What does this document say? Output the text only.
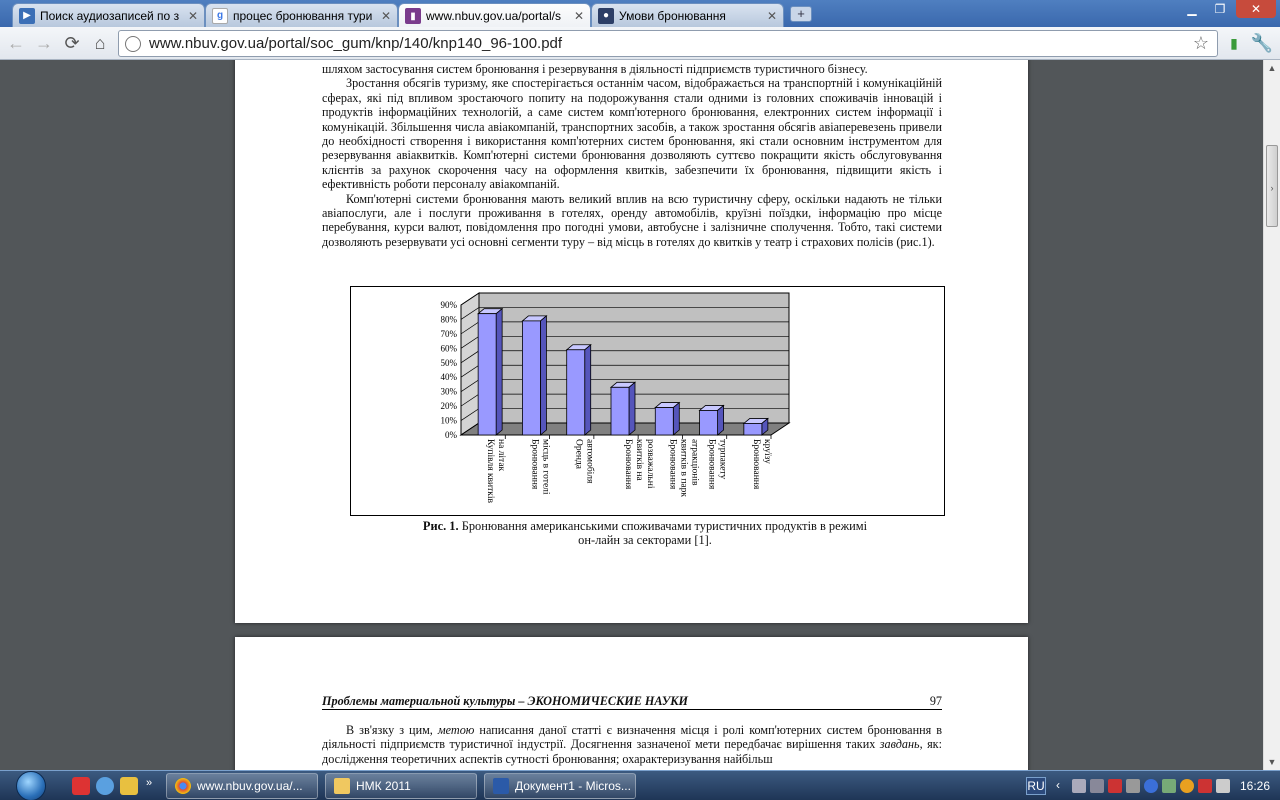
▶ Поиск аудиозаписей по з ✕	g процес бронювання тури ✕	▮ www.nbuv.gov.ua/portal/s	✕	● Умови бронювання	✕	+	▁	❐	✕
← → ⟳ ⌂	www.nbuv.gov.ua/portal/soc_gum/knp/140/knp140_96-100.pdf	☆	▮ 🔧

шляхом застосування систем бронювання і резервування в діяльності підприємств туристичного бізнесу.

Зростання обсягів туризму, яке спостерігається останнім часом, відображається на транспортній і комунікаційній сферах, які під впливом зростаючого попиту на подорожування стали одними із головних споживачів інновацій і продуктів інформаційних технологій, а саме систем комп'ютерного бронювання, електронних систем інформації і комунікацій. Збільшення числа авіакомпаній, транспортних засобів, а також зростання обсягів авіаперевезень привели до необхідності створення і використання комп'ютерних систем бронювання, які стали основним інструментом для резервування авіаквитків. Комп'ютерні системи бронювання дозволяють суттєво покращити якість обслуговування клієнтів за рахунок скорочення часу на оформлення квитків, забезпечити їх бронювання, підвищити якість і ефективність роботи персоналу авіакомпаній.

Комп'ютерні системи бронювання мають великий вплив на всю туристичну сферу, оскільки надають не тільки авіапослуги, але і послуги проживання в готелях, оренду автомобілів, круїзні поїздки, інформацію про місце перебування, курси валют, повідомлення про погодні умови, автобусне і залізничне сполучення. Тобто, такі системи дозволяють резервувати усі основні сегменти туру – від місць в готелях до квитків у театр і страхових полісів (рис.1).

0%
10%
20%
30%
40%
50%
60%
70%
80%
90%
Купівля квитків на літак Бронювання місць в готелі Оренда автомобіля	Бронювання квитків на розважальні Бронювання квитків в парк атракціонів Бронювання турпакету Бронювання круїзу
Рис. 1. Бронювання американськими споживачами туристичних продуктів в режимі
он-лайн за секторами [1].
Проблемы материальной культуры – ЭКОНОМИЧЕСКИЕ НАУКИ	97

В зв'язку з цим, метою написання даної статті є визначення місця і ролі комп'ютерних систем бронювання в діяльності підприємств туристичної індустрії. Досягнення зазначеної мети передбачає вирішення таких завдань, як: дослідження теоретичних аспектів сутності бронювання; охарактеризування найбільш

▲
›
▼
»	www.nbuv.gov.ua/...	НМК 2011	Документ1 - Micros...	RU ‹	16:26
